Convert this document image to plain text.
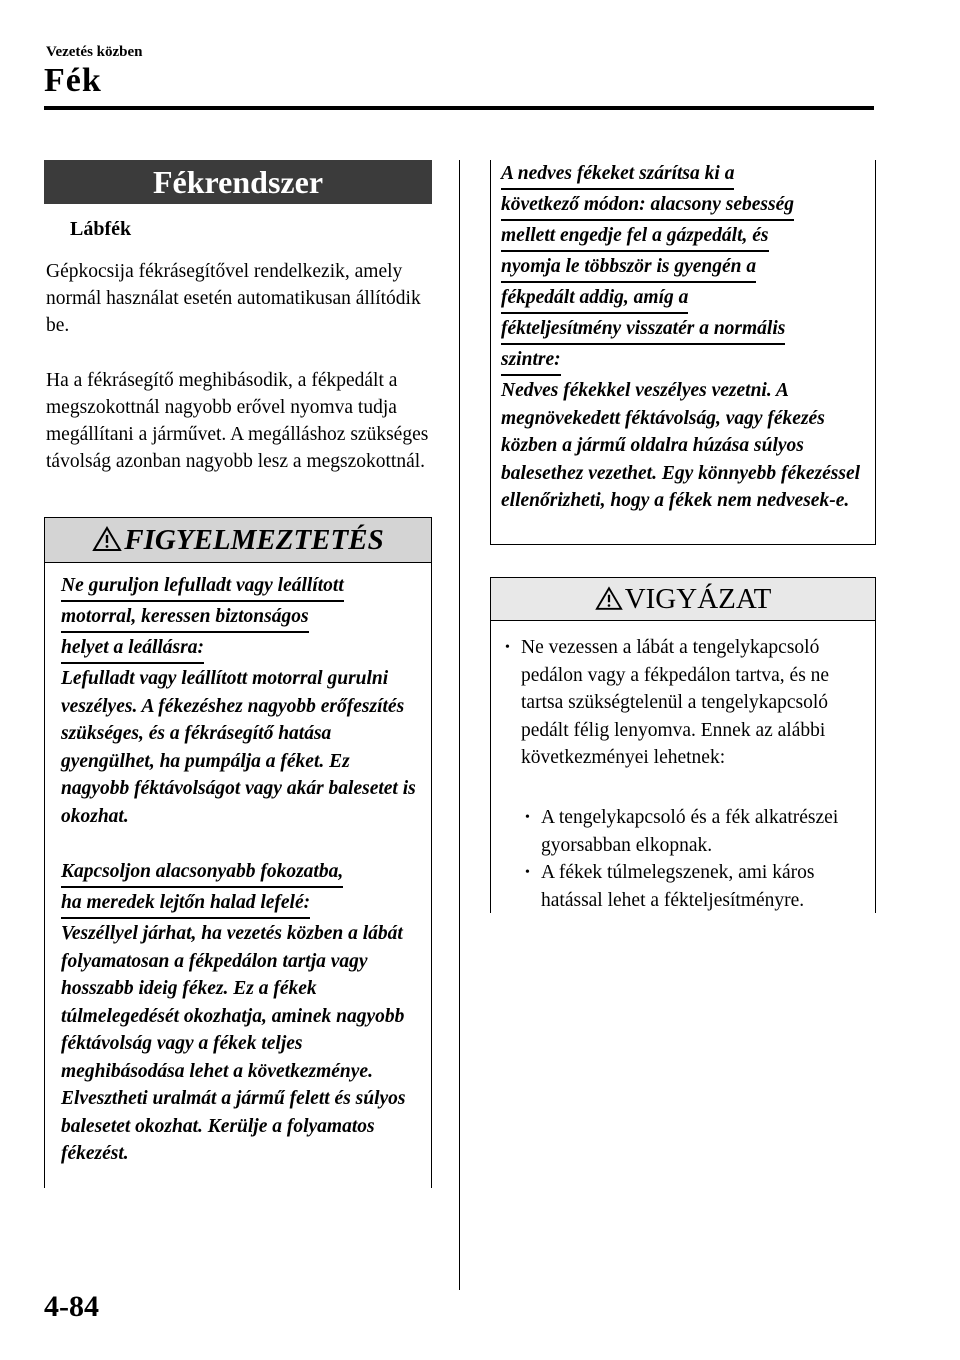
Vezetés közben
Fék
Fékrendszer
Lábfék
Gépkocsija fékrásegítővel rendelkezik, amely normál használat esetén automatikusan állítódik be.
Ha a fékrásegítő meghibásodik, a fékpedált a megszokottnál nagyobb erővel nyomva tudja megállítani a járművet. A megálláshoz szükséges távolság azonban nagyobb lesz a megszokottnál.
FIGYELMEZTETÉS
Ne guruljon lefulladt vagy leállított
motorral, keressen biztonságos
helyet a leállásra:
Lefulladt vagy leállított motorral gurulni veszélyes. A fékezéshez nagyobb erőfeszítés szükséges, és a fékrásegítő hatása gyengülhet, ha pumpálja a féket. Ez nagyobb féktávolságot vagy akár balesetet is okozhat.
Kapcsoljon alacsonyabb fokozatba,
ha meredek lejtőn halad lefelé:
Veszéllyel járhat, ha vezetés közben a lábát folyamatosan a fékpedálon tartja vagy hosszabb ideig fékez. Ez a fékek túlmelegedését okozhatja, aminek nagyobb féktávolság vagy a fékek teljes meghibásodása lehet a következménye. Elvesztheti uralmát a jármű felett és súlyos balesetet okozhat. Kerülje a folyamatos fékezést.
A nedves fékeket szárítsa ki a
következő módon: alacsony sebesség
mellett engedje fel a gázpedált, és
nyomja le többször is gyengén a
fékpedált addig, amíg a
fékteljesítmény visszatér a normális
szintre:
Nedves fékekkel veszélyes vezetni. A megnövekedett féktávolság, vagy fékezés közben a jármű oldalra húzása súlyos balesethez vezethet. Egy könnyebb fékezéssel ellenőrizheti, hogy a fékek nem nedvesek-e.
VIGYÁZAT
• Ne vezessen a lábát a tengelykapcsoló pedálon vagy a fékpedálon tartva, és ne tartsa szükségtelenül a tengelykapcsoló pedált félig lenyomva. Ennek az alábbi következményei lehetnek:
• A tengelykapcsoló és a fék alkatrészei gyorsabban elkopnak.
• A fékek túlmelegszenek, ami káros hatással lehet a fékteljesítményre.
4-84
